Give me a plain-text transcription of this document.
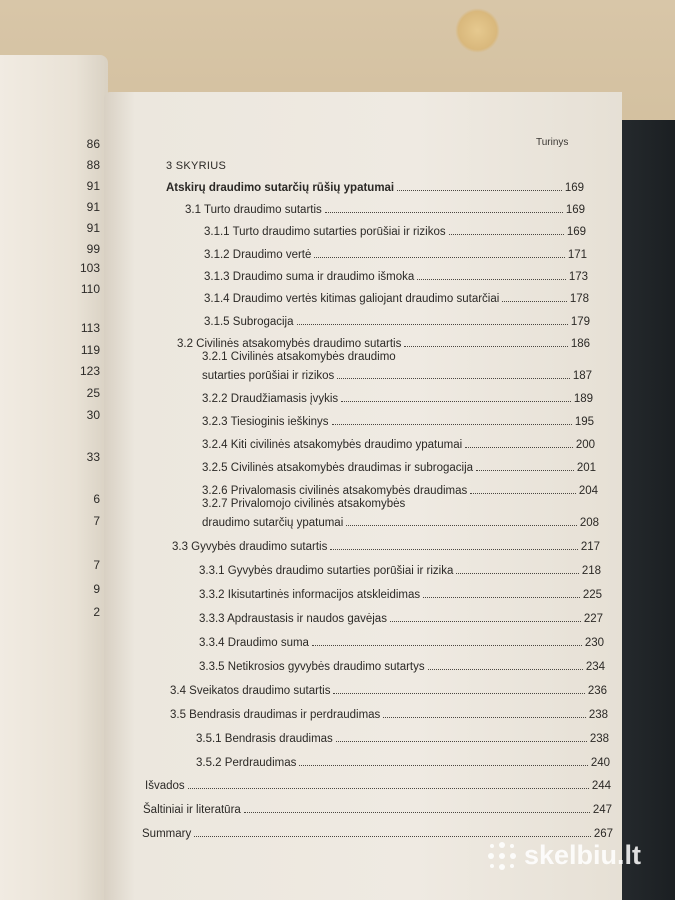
86
88
91
91
91
99
103
110
113
119
123
25
30
33
6
7
7
9
2
Turinys
3 SKYRIUS
Atskirų draudimo sutarčių rūšių ypatumai	169
3.1 Turto draudimo sutartis	169
3.1.1 Turto draudimo sutarties porūšiai ir rizikos	169
3.1.2 Draudimo vertė	171
3.1.3 Draudimo suma ir draudimo išmoka	173
3.1.4 Draudimo vertės kitimas galiojant draudimo sutarčiai	178
3.1.5 Subrogacija	179
3.2 Civilinės atsakomybės draudimo sutartis	186
3.2.1 Civilinės atsakomybės draudimo
sutarties porūšiai ir rizikos	187
3.2.2 Draudžiamasis įvykis	189
3.2.3 Tiesioginis ieškinys	195
3.2.4 Kiti civilinės atsakomybės draudimo ypatumai	200
3.2.5 Civilinės atsakomybės draudimas ir subrogacija	201
3.2.6 Privalomasis civilinės atsakomybės draudimas	204
3.2.7 Privalomojo civilinės atsakomybės
draudimo sutarčių ypatumai	208
3.3 Gyvybės draudimo sutartis	217
3.3.1 Gyvybės draudimo sutarties porūšiai ir rizika	218
3.3.2 Ikisutartinės informacijos atskleidimas	225
3.3.3 Apdraustasis ir naudos gavėjas	227
3.3.4 Draudimo suma	230
3.3.5 Netikrosios gyvybės draudimo sutartys	234
3.4 Sveikatos draudimo sutartis	236
3.5 Bendrasis draudimas ir perdraudimas	238
3.5.1 Bendrasis draudimas	238
3.5.2 Perdraudimas	240
Išvados	244
Šaltiniai ir literatūra	247
Summary	267
skelbiu.lt
